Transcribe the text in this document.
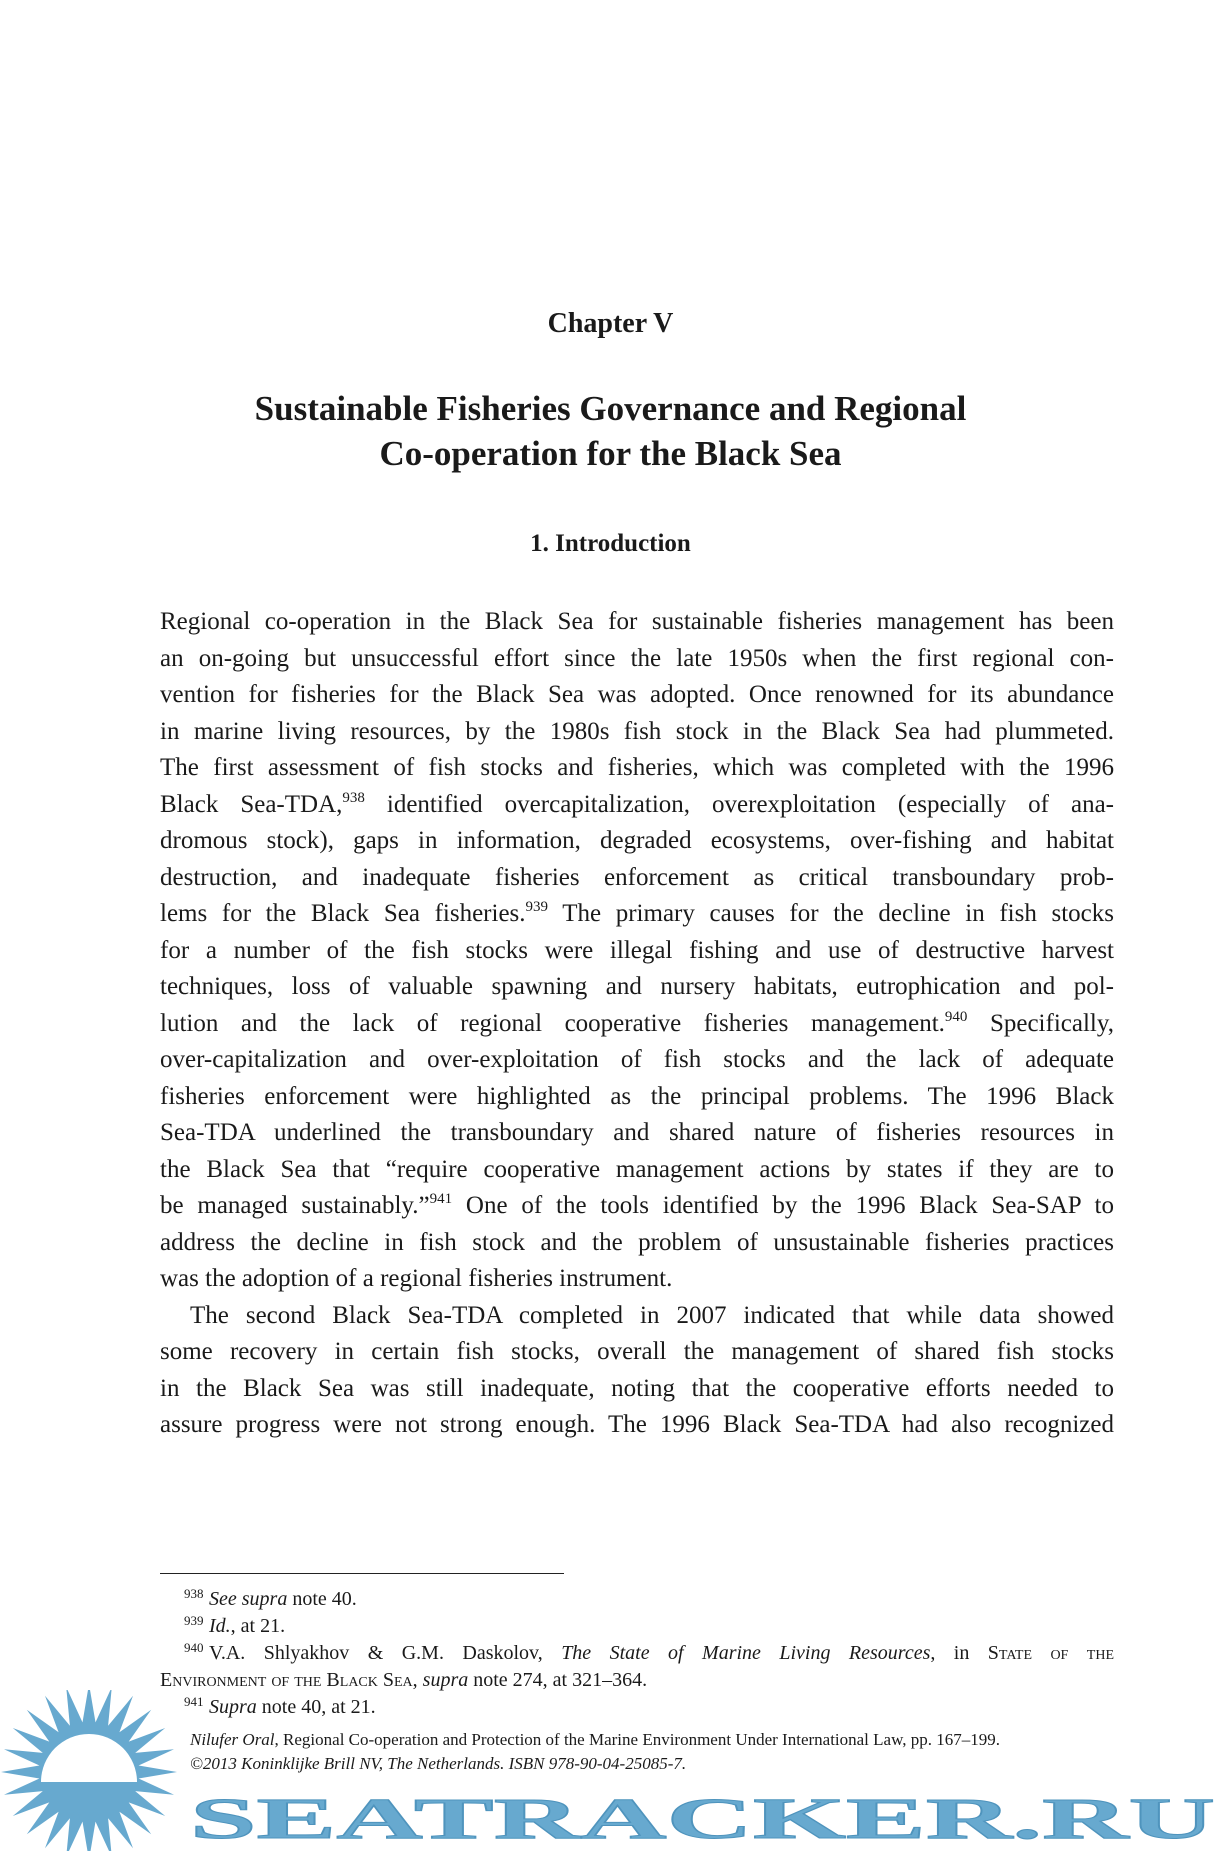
Chapter V
Sustainable Fisheries Governance and Regional
Co-operation for the Black Sea
1. Introduction
Regional co-operation in the Black Sea for sustainable fisheries management has been
an on-going but unsuccessful effort since the late 1950s when the first regional con-
vention for fisheries for the Black Sea was adopted. Once renowned for its abundance
in marine living resources, by the 1980s fish stock in the Black Sea had plummeted.
The first assessment of fish stocks and fisheries, which was completed with the 1996
Black Sea-TDA,$^{938}$ identified overcapitalization, overexploitation (especially of ana-
dromous stock), gaps in information, degraded ecosystems, over-fishing and habitat
destruction, and inadequate fisheries enforcement as critical transboundary prob-
lems for the Black Sea fisheries.$^{939}$ The primary causes for the decline in fish stocks
for a number of the fish stocks were illegal fishing and use of destructive harvest
techniques, loss of valuable spawning and nursery habitats, eutrophication and pol-
lution and the lack of regional cooperative fisheries management.$^{940}$ Specifically,
over-capitalization and over-exploitation of fish stocks and the lack of adequate
fisheries enforcement were highlighted as the principal problems. The 1996 Black
Sea-TDA underlined the transboundary and shared nature of fisheries resources in
the Black Sea that “require cooperative management actions by states if they are to
be managed sustainably.”$^{941}$ One of the tools identified by the 1996 Black Sea-SAP to
address the decline in fish stock and the problem of unsustainable fisheries practices
was the adoption of a regional fisheries instrument.
The second Black Sea-TDA completed in 2007 indicated that while data showed
some recovery in certain fish stocks, overall the management of shared fish stocks
in the Black Sea was still inadequate, noting that the cooperative efforts needed to
assure progress were not strong enough. The 1996 Black Sea-TDA had also recognized
938 See supra note 40.
939 Id., at 21.
940 V.A. Shlyakhov & G.M. Daskolov, The State of Marine Living Resources, in State of the
Environment of the Black Sea, supra note 274, at 321–364.
941 Supra note 40, at 21.
Nilufer Oral, Regional Co-operation and Protection of the Marine Environment Under International Law, pp. 167–199.
©2013 Koninklijke Brill NV, The Netherlands. ISBN 978-90-04-25085-7.
SEATRACKER.RU
